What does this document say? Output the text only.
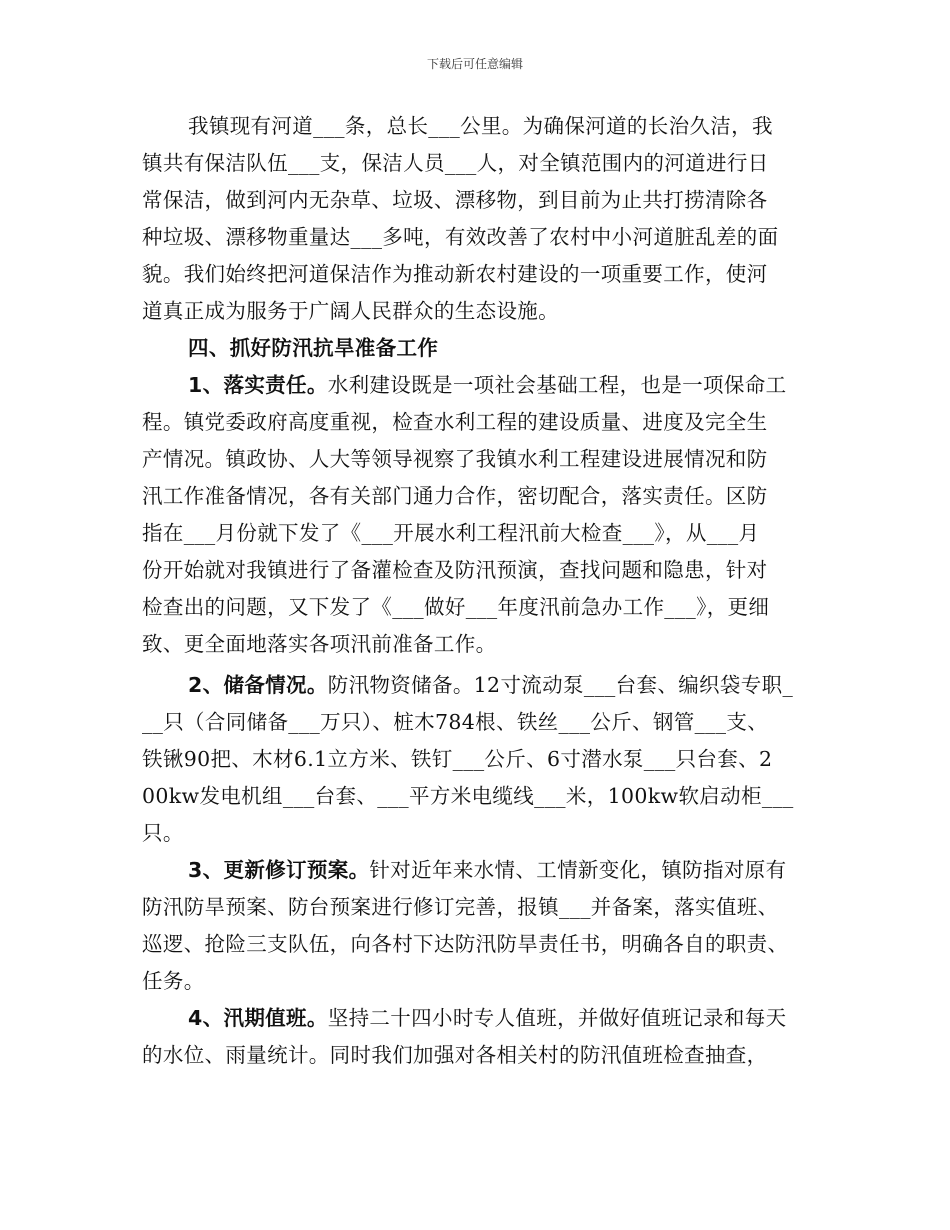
下载后可任意编辑
我镇现有河道___条，总长___公里。为确保河道的长治久洁，我
镇共有保洁队伍___支，保洁人员___人，对全镇范围内的河道进行日
常保洁，做到河内无杂草、垃圾、漂移物，到目前为止共打捞清除各
种垃圾、漂移物重量达___多吨，有效改善了农村中小河道脏乱差的面
貌。我们始终把河道保洁作为推动新农村建设的一项重要工作，使河
道真正成为服务于广阔人民群众的生态设施。
四、抓好防汛抗旱准备工作
1、落实责任。水利建设既是一项社会基础工程，也是一项保命工
程。镇党委政府高度重视，检查水利工程的建设质量、进度及完全生
产情况。镇政协、人大等领导视察了我镇水利工程建设进展情况和防
汛工作准备情况，各有关部门通力合作，密切配合，落实责任。区防
指在___月份就下发了《___开展水利工程汛前大检查___》，从___月
份开始就对我镇进行了备灌检查及防汛预演，查找问题和隐患，针对
检查出的问题，又下发了《___做好___年度汛前急办工作___》，更细
致、更全面地落实各项汛前准备工作。
2、储备情况。防汛物资储备。12寸流动泵___台套、编织袋专职_
__只（合同储备___万只）、桩木784根、铁丝___公斤、钢管___支、
铁锹90把、木材6.1立方米、铁钉___公斤、6寸潜水泵___只台套、2
00kw发电机组___台套、___平方米电缆线___米，100kw软启动柜___
只。
3、更新修订预案。针对近年来水情、工情新变化，镇防指对原有
防汛防旱预案、防台预案进行修订完善，报镇___并备案，落实值班、
巡逻、抢险三支队伍，向各村下达防汛防旱责任书，明确各自的职责、
任务。
4、汛期值班。坚持二十四小时专人值班，并做好值班记录和每天
的水位、雨量统计。同时我们加强对各相关村的防汛值班检查抽查，
